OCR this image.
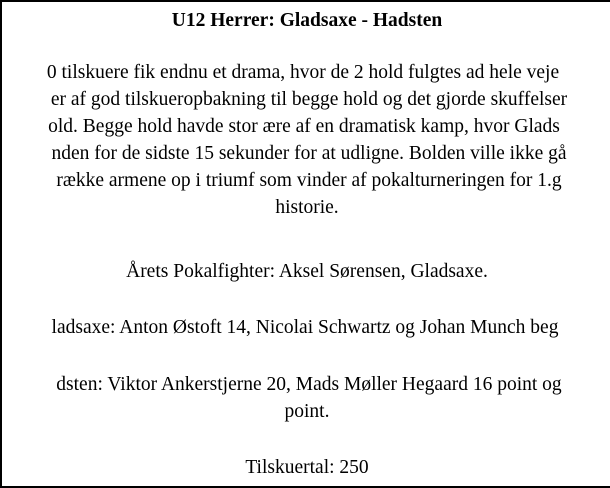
U12 Herrer: Gladsaxe - Hadsten
0 tilskuere fik endnu et drama, hvor de 2 hold fulgtes ad hele veje
er af god tilskueropbakning til begge hold og det gjorde skuffelser
old. Begge hold havde stor ære af en dramatisk kamp, hvor Glads
nden for de sidste 15 sekunder for at udligne. Bolden ville ikke gå
række armene op i triumf som vinder af pokalturneringen for 1.g
historie.
Årets Pokalfighter: Aksel Sørensen, Gladsaxe.
ladsaxe: Anton Østoft 14, Nicolai Schwartz og Johan Munch beg
dsten: Viktor Ankerstjerne 20, Mads Møller Hegaard 16 point og
point.
Tilskuertal: 250
